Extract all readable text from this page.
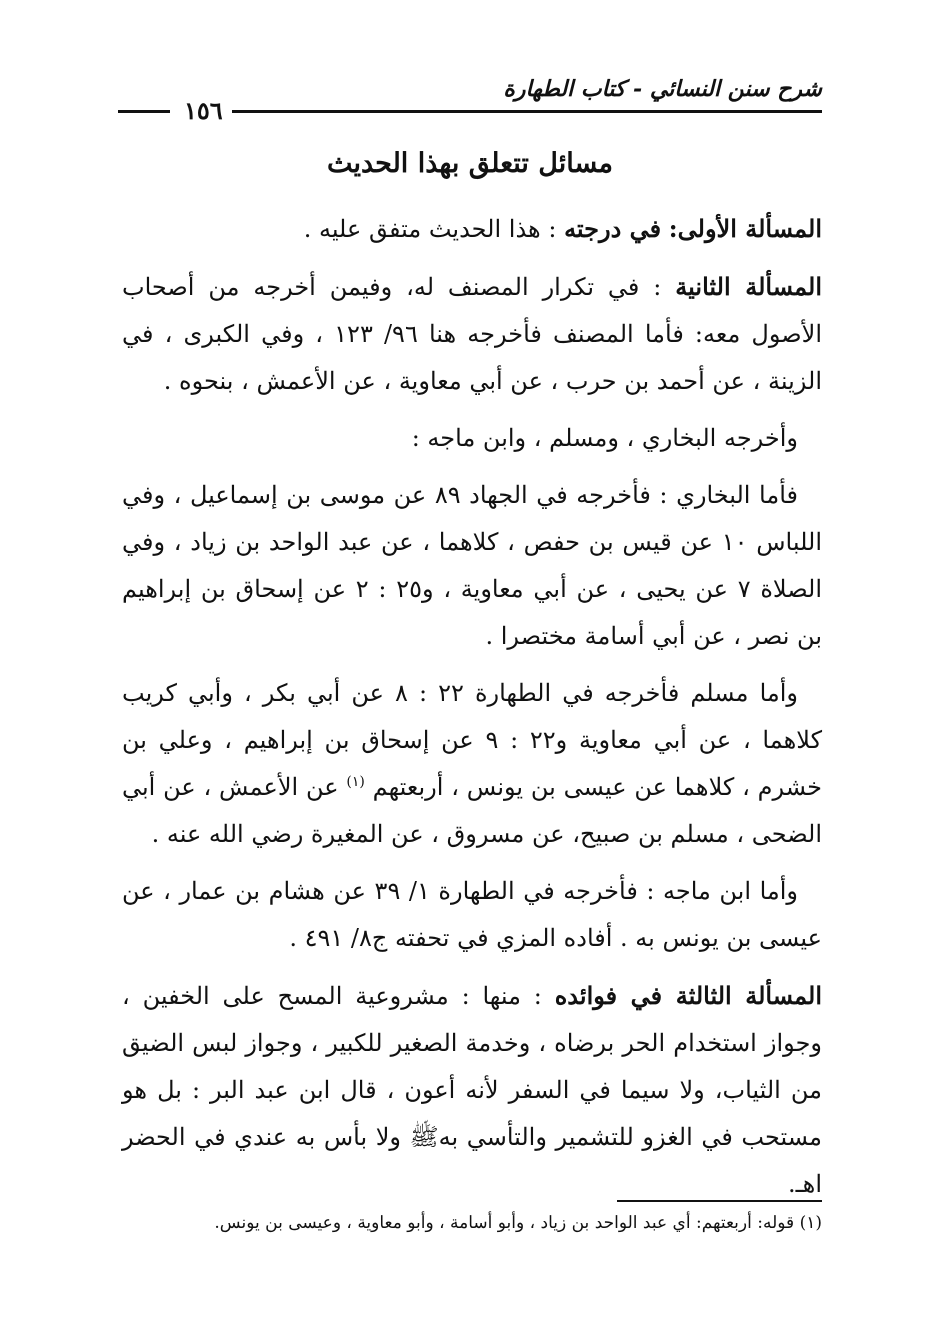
شرح سنن النسائي - كتاب الطهارة
١٥٦
مسائل تتعلق بهذا الحديث

المسألة الأولى: في درجته : هذا الحديث متفق عليه .

المسألة الثانية : في تكرار المصنف له، وفيمن أخرجه من أصحاب الأصول معه: فأما المصنف فأخرجه هنا ٩٦/ ١٢٣ ، وفي الكبرى ، في الزينة ، عن أحمد بن حرب ، عن أبي معاوية ، عن الأعمش ، بنحوه .

وأخرجه البخاري ، ومسلم ، وابن ماجه :

فأما البخاري : فأخرجه في الجهاد ٨٩ عن موسى بن إسماعيل ، وفي اللباس ١٠ عن قيس بن حفص ، كلاهما ، عن عبد الواحد بن زياد ، وفي الصلاة ٧ عن يحيى ، عن أبي معاوية ، و٢٥ : ٢ عن إسحاق بن إبراهيم بن نصر ، عن أبي أسامة مختصرا .

وأما مسلم فأخرجه في الطهارة ٢٢ : ٨ عن أبي بكر ، وأبي كريب كلاهما ، عن أبي معاوية و٢٢ : ٩ عن إسحاق بن إبراهيم ، وعلي بن خشرم ، كلاهما عن عيسى بن يونس ، أربعتهم $^{(١)}$ عن الأعمش ، عن أبي الضحى ، مسلم بن صبيح، عن مسروق ، عن المغيرة رضي الله عنه .

وأما ابن ماجه : فأخرجه في الطهارة ١/ ٣٩ عن هشام بن عمار ، عن عيسى بن يونس به . أفاده المزي في تحفته ج٨/ ٤٩١ .

المسألة الثالثة في فوائده : منها : مشروعية المسح على الخفين ، وجواز استخدام الحر برضاه ، وخدمة الصغير للكبير ، وجواز لبس الضيق من الثياب، ولا سيما في السفر لأنه أعون ، قال ابن عبد البر : بل هو مستحب في الغزو للتشمير والتأسي بهﷺ ولا بأس به عندي في الحضر اهـ.

(١) قوله: أربعتهم: أي عبد الواحد بن زياد ، وأبو أسامة ، وأبو معاوية ، وعيسى بن يونس.
